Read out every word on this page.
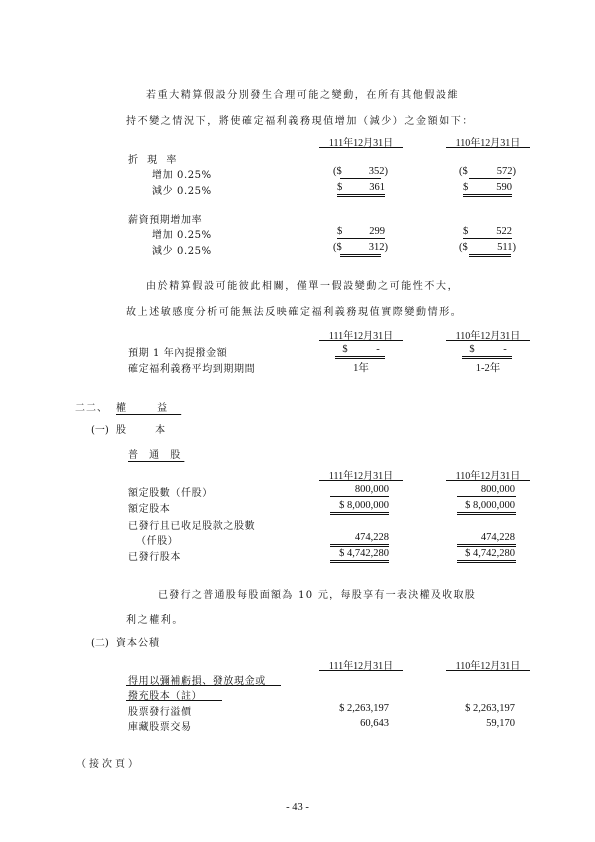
若重大精算假設分別發生合理可能之變動，在所有其他假設維
持不變之情況下，將使確定福利義務現值增加（減少）之金額如下：
111年12月31日	110年12月31日
折 現 率
增加 0.25%	($	352)	($	572)
減少 0.25%	$	361	$	590
薪資預期增加率
增加 0.25%	$	299	$	522
減少 0.25%	($	312)	($	511)
由於精算假設可能彼此相關，僅單一假設變動之可能性不大，
故上述敏感度分析可能無法反映確定福利義務現值實際變動情形。
111年12月31日	110年12月31日
預期 1 年內提撥金額	$ -	$ -
確定福利義務平均到期期間	1年	1-2年
二二、 權 益
(一) 股 本
普 通 股
111年12月31日	110年12月31日
額定股數（仟股）	800,000	800,000
額定股本	$ 8,000,000	$ 8,000,000
已發行且已收足股款之股數
（仟股）	474,228	474,228
已發行股本	$ 4,742,280	$ 4,742,280
已發行之普通股每股面額為 10 元，每股享有一表決權及收取股
利之權利。
(二) 資本公積
111年12月31日	110年12月31日
得用以彌補虧損、發放現金或
撥充股本（註）
股票發行溢價	$ 2,263,197	$ 2,263,197
庫藏股票交易	60,643	59,170
（接次頁）
- 43 -
